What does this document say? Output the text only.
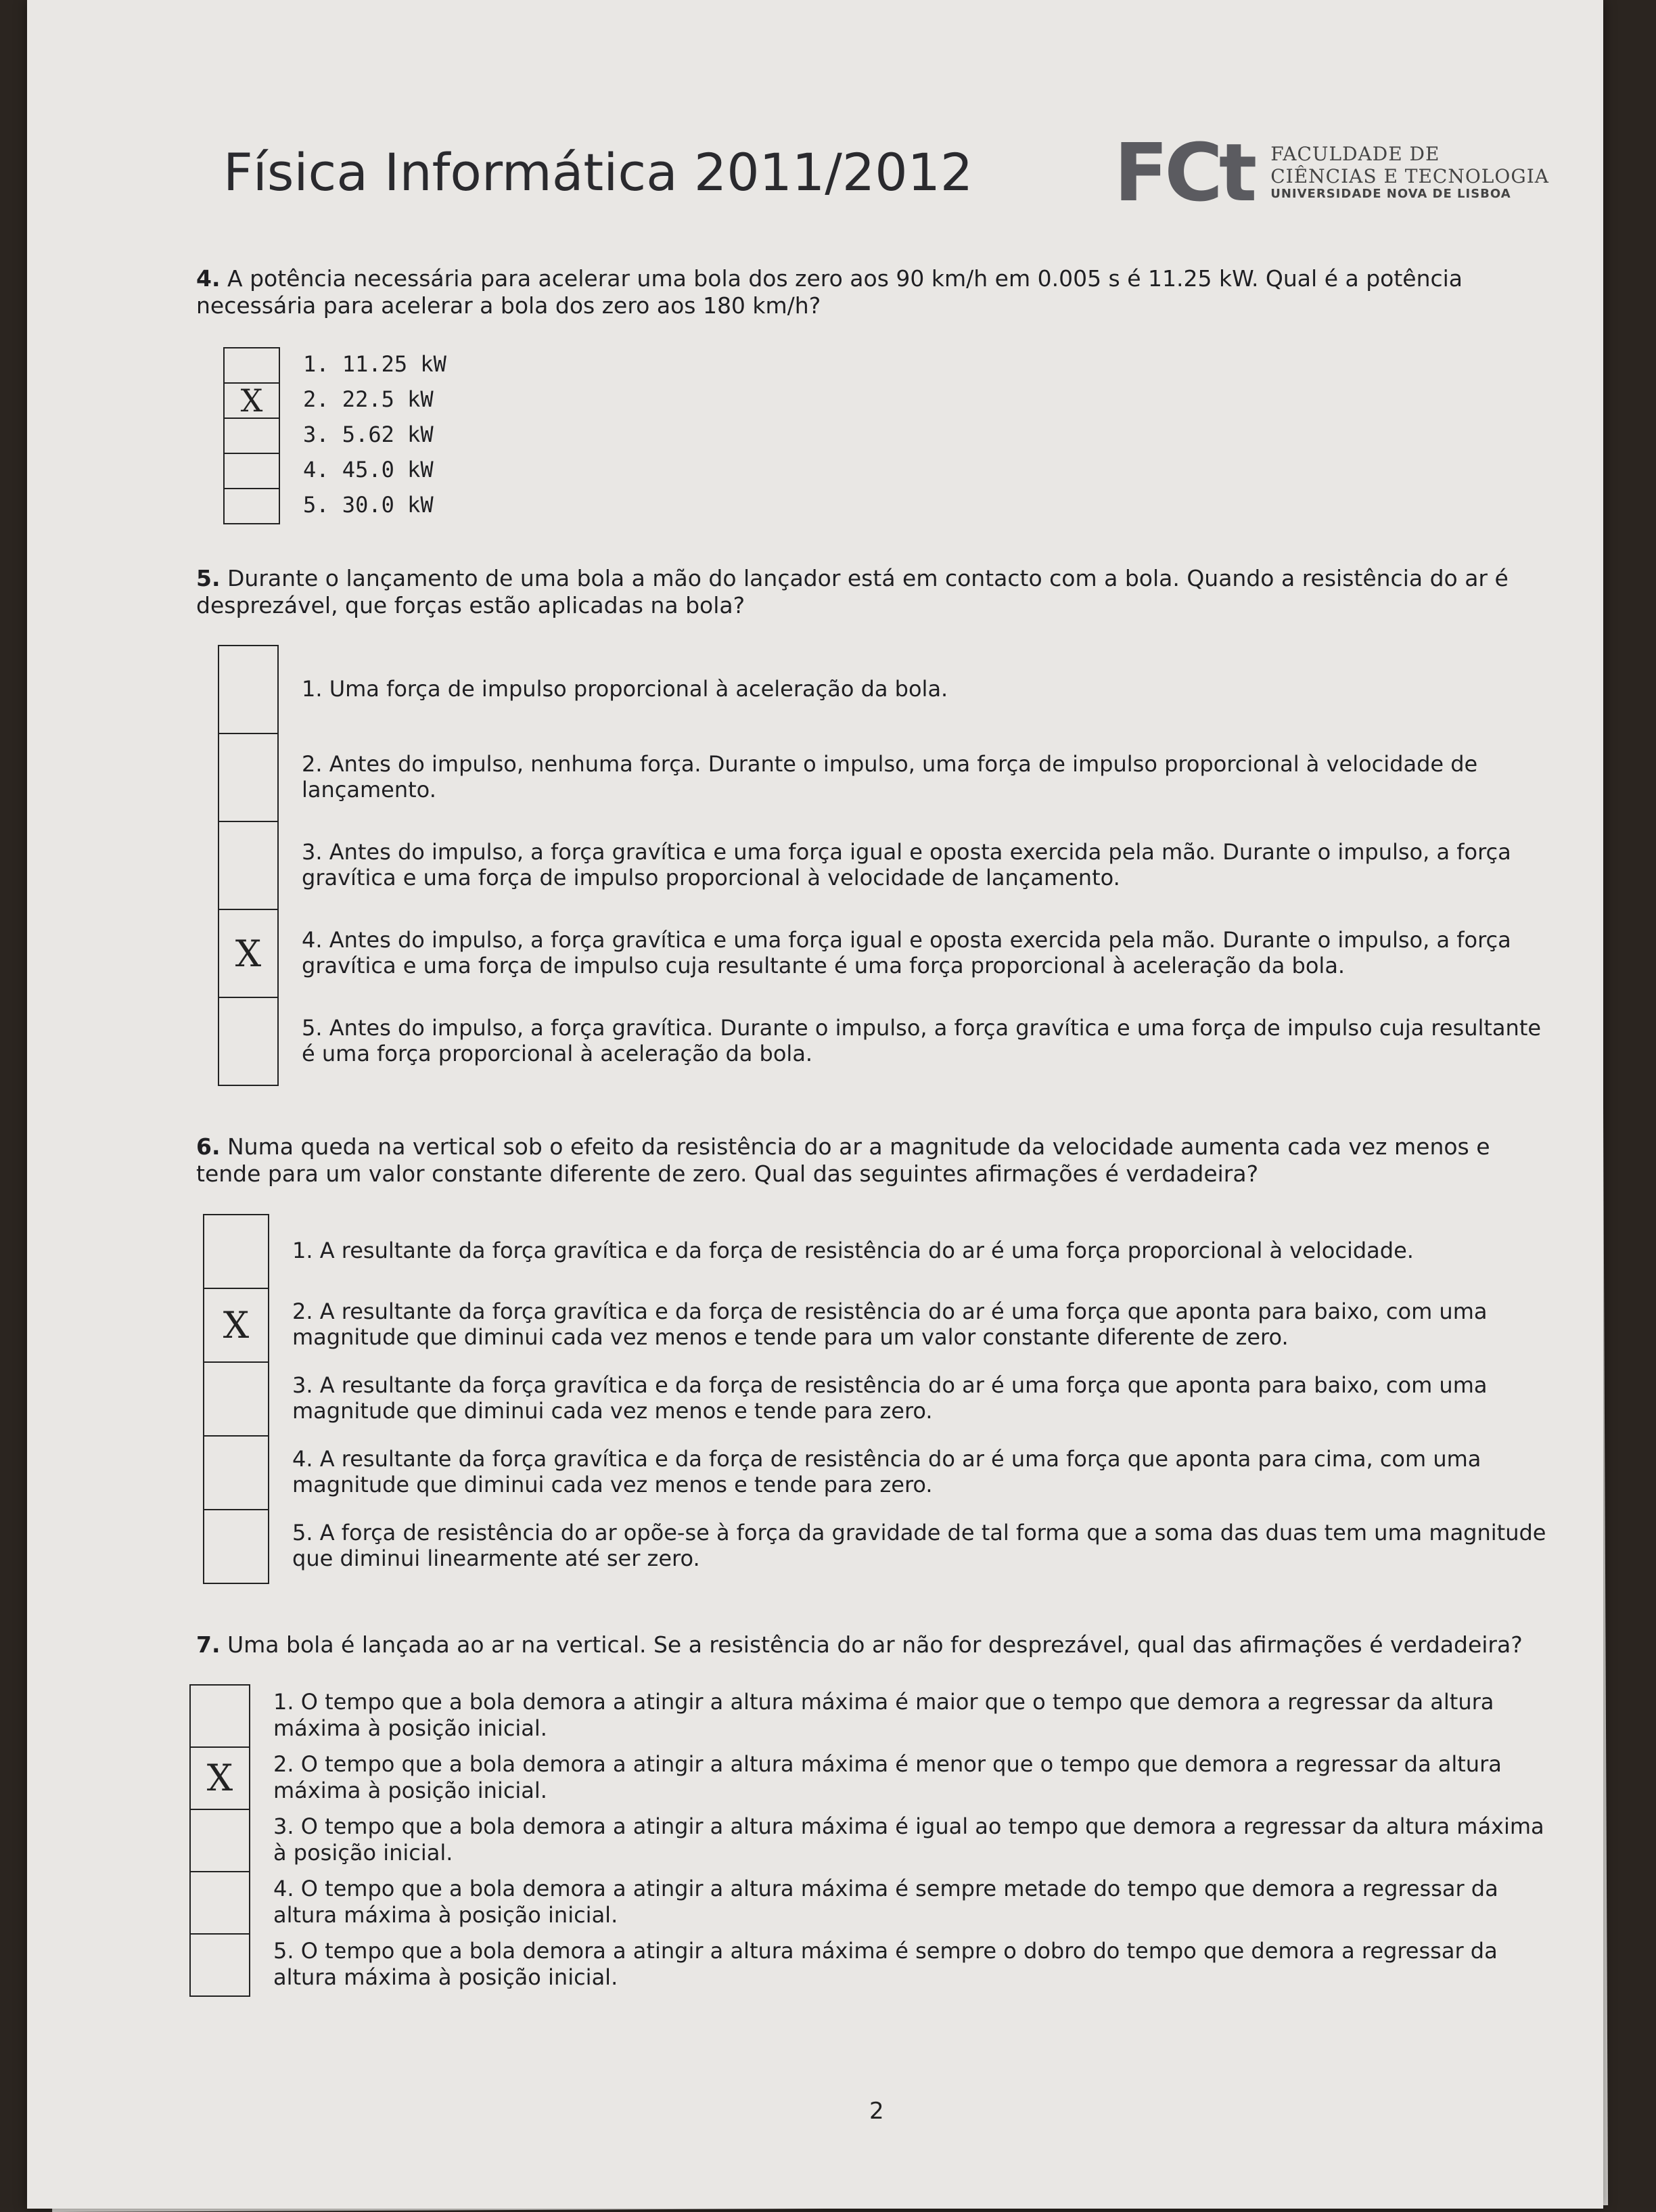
Física Informática 2011/2012 FCt FACULDADE DE
CIÊNCIAS E TECNOLOGIA
UNIVERSIDADE NOVA DE LISBOA
4. A potência necessária para acelerar uma bola dos zero aos 90 km/h em 0.005 s é 11.25 kW. Qual é a potência necessária para acelerar a bola dos zero aos 180 km/h?
X
1. 11.25 kW
2. 22.5 kW
3. 5.62 kW
4. 45.0 kW
5. 30.0 kW
5. Durante o lançamento de uma bola a mão do lançador está em contacto com a bola. Quando a resistência do ar é desprezável, que forças estão aplicadas na bola?
X
1. Uma força de impulso proporcional à aceleração da bola.
2. Antes do impulso, nenhuma força. Durante o impulso, uma força de impulso proporcional à velocidade de lançamento.
3. Antes do impulso, a força gravítica e uma força igual e oposta exercida pela mão. Durante o impulso, a força gravítica e uma força de impulso proporcional à velocidade de lançamento.
4. Antes do impulso, a força gravítica e uma força igual e oposta exercida pela mão. Durante o impulso, a força gravítica e uma força de impulso cuja resultante é uma força proporcional à aceleração da bola.
5. Antes do impulso, a força gravítica. Durante o impulso, a força gravítica e uma força de impulso cuja resultante é uma força proporcional à aceleração da bola.
6. Numa queda na vertical sob o efeito da resistência do ar a magnitude da velocidade aumenta cada vez menos e tende para um valor constante diferente de zero. Qual das seguintes afirmações é verdadeira?
X
1. A resultante da força gravítica e da força de resistência do ar é uma força proporcional à velocidade.
2. A resultante da força gravítica e da força de resistência do ar é uma força que aponta para baixo, com uma magnitude que diminui cada vez menos e tende para um valor constante diferente de zero.
3. A resultante da força gravítica e da força de resistência do ar é uma força que aponta para baixo, com uma magnitude que diminui cada vez menos e tende para zero.
4. A resultante da força gravítica e da força de resistência do ar é uma força que aponta para cima, com uma magnitude que diminui cada vez menos e tende para zero.
5. A força de resistência do ar opõe-se à força da gravidade de tal forma que a soma das duas tem uma magnitude que diminui linearmente até ser zero.
7. Uma bola é lançada ao ar na vertical. Se a resistência do ar não for desprezável, qual das afirmações é verdadeira?
X
1. O tempo que a bola demora a atingir a altura máxima é maior que o tempo que demora a regressar da altura máxima à posição inicial.
2. O tempo que a bola demora a atingir a altura máxima é menor que o tempo que demora a regressar da altura máxima à posição inicial.
3. O tempo que a bola demora a atingir a altura máxima é igual ao tempo que demora a regressar da altura máxima à posição inicial.
4. O tempo que a bola demora a atingir a altura máxima é sempre metade do tempo que demora a regressar da altura máxima à posição inicial.
5. O tempo que a bola demora a atingir a altura máxima é sempre o dobro do tempo que demora a regressar da altura máxima à posição inicial.
2
